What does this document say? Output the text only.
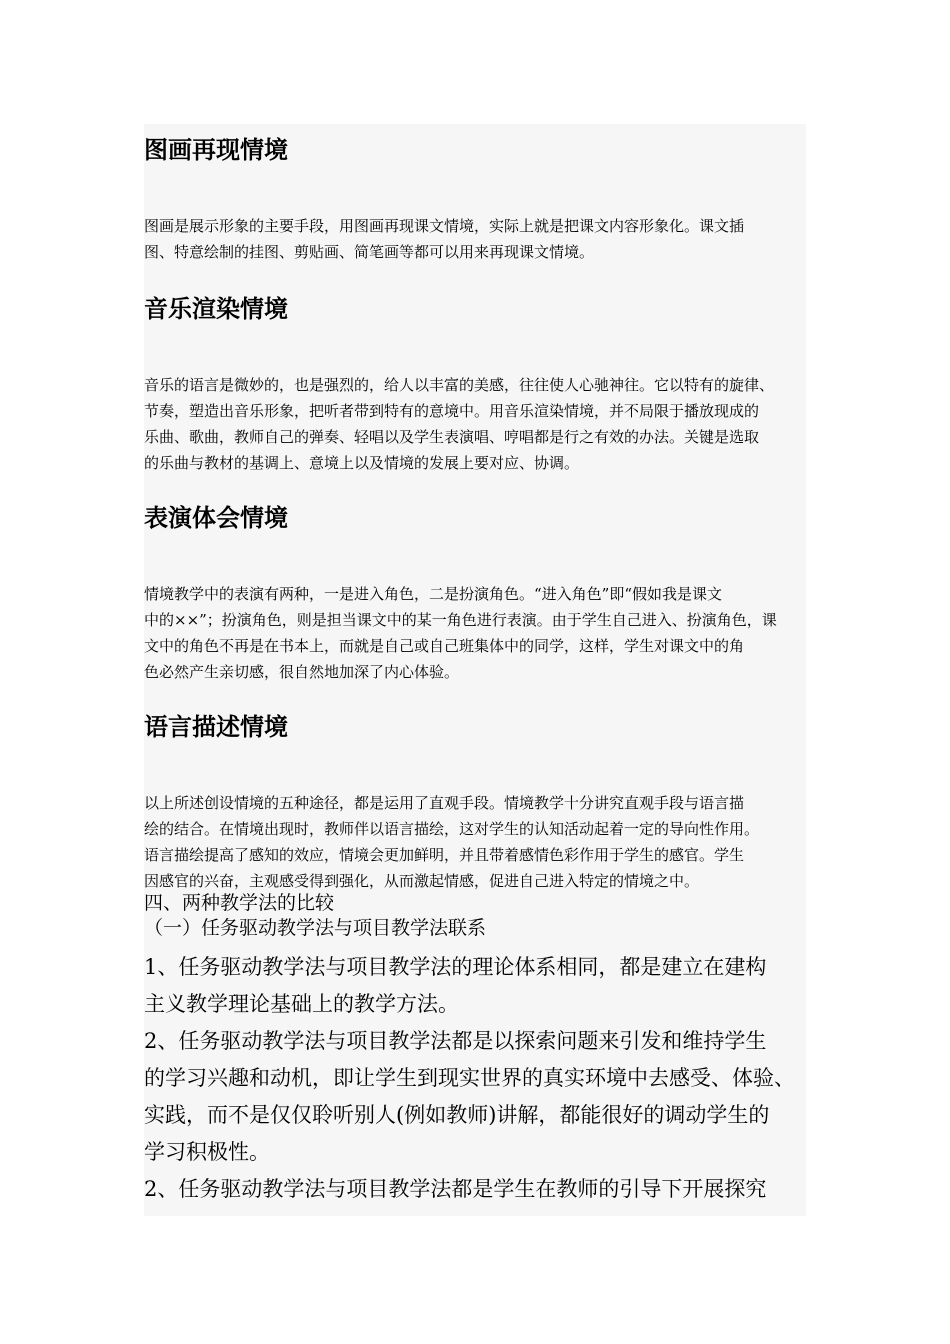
图画再现情境
图画是展示形象的主要手段，用图画再现课文情境，实际上就是把课文内容形象化。课文插
图、特意绘制的挂图、剪贴画、简笔画等都可以用来再现课文情境。
音乐渲染情境
音乐的语言是微妙的，也是强烈的，给人以丰富的美感，往往使人心驰神往。它以特有的旋律、
节奏，塑造出音乐形象，把听者带到特有的意境中。用音乐渲染情境，并不局限于播放现成的
乐曲、歌曲，教师自己的弹奏、轻唱以及学生表演唱、哼唱都是行之有效的办法。关键是选取
的乐曲与教材的基调上、意境上以及情境的发展上要对应、协调。
表演体会情境
情境教学中的表演有两种，一是进入角色，二是扮演角色。“进入角色”即“假如我是课文
中的××”；扮演角色，则是担当课文中的某一角色进行表演。由于学生自己进入、扮演角色，课
文中的角色不再是在书本上，而就是自己或自己班集体中的同学，这样，学生对课文中的角
色必然产生亲切感，很自然地加深了内心体验。
语言描述情境
以上所述创设情境的五种途径，都是运用了直观手段。情境教学十分讲究直观手段与语言描
绘的结合。在情境出现时，教师伴以语言描绘，这对学生的认知活动起着一定的导向性作用。
语言描绘提高了感知的效应，情境会更加鲜明，并且带着感情色彩作用于学生的感官。学生
因感官的兴奋，主观感受得到强化，从而激起情感，促进自己进入特定的情境之中。
四、两种教学法的比较
（一）任务驱动教学法与项目教学法联系
1、任务驱动教学法与项目教学法的理论体系相同，都是建立在建构
主义教学理论基础上的教学方法。
2、任务驱动教学法与项目教学法都是以探索问题来引发和维持学生
的学习兴趣和动机，即让学生到现实世界的真实环境中去感受、体验、
实践，而不是仅仅聆听别人(例如教师)讲解，都能很好的调动学生的
学习积极性。
2、任务驱动教学法与项目教学法都是学生在教师的引导下开展探究
